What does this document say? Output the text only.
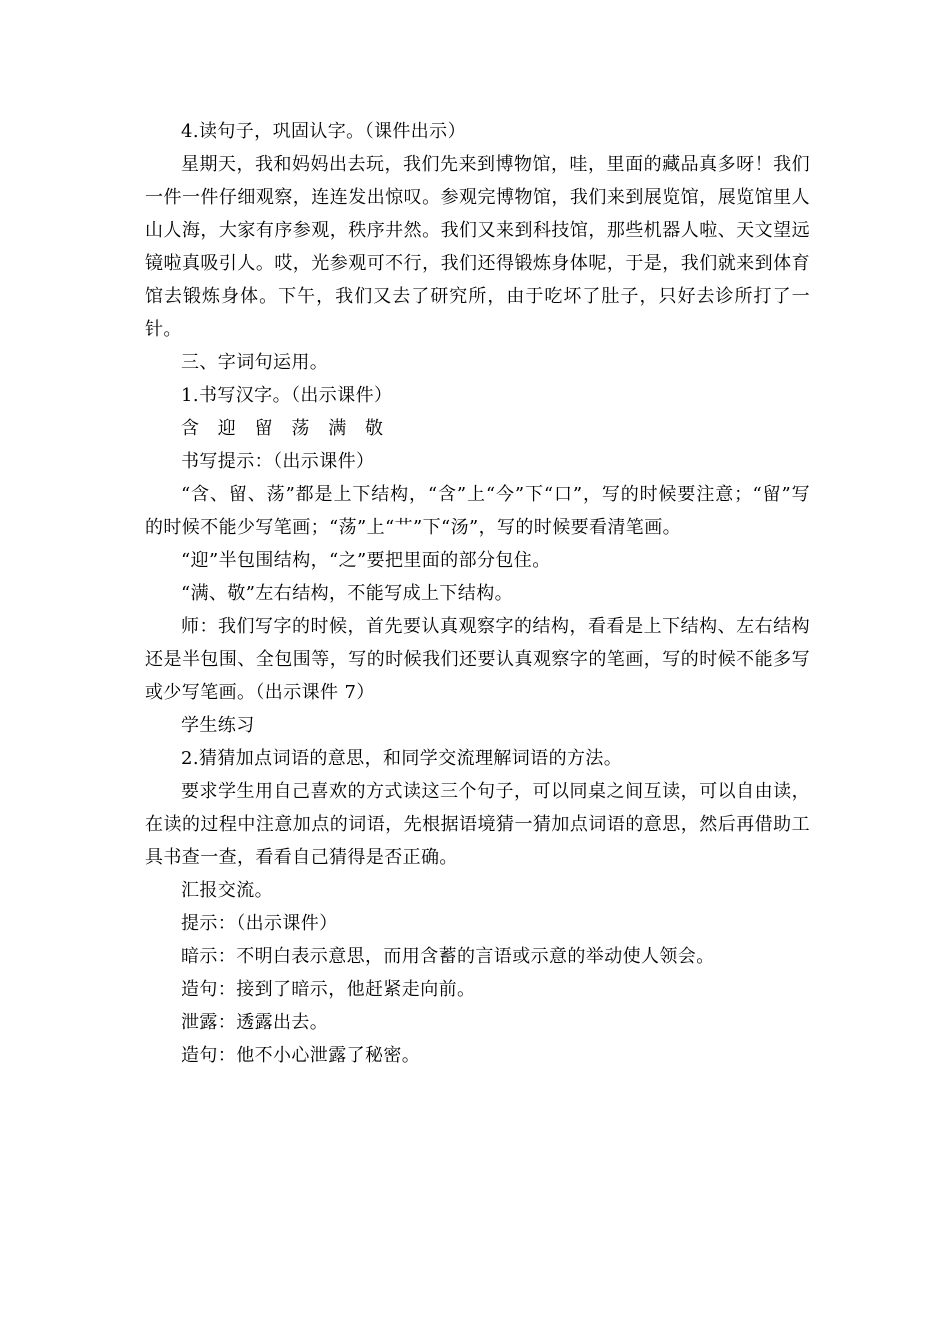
4.读句子，巩固认字。（课件出示）

星期天，我和妈妈出去玩，我们先来到博物馆，哇，里面的藏品真多呀！我们一件一件仔细观察，连连发出惊叹。参观完博物馆，我们来到展览馆，展览馆里人山人海，大家有序参观，秩序井然。我们又来到科技馆，那些机器人啦、天文望远镜啦真吸引人。哎，光参观可不行，我们还得锻炼身体呢，于是，我们就来到体育馆去锻炼身体。下午，我们又去了研究所，由于吃坏了肚子，只好去诊所打了一针。

三、字词句运用。

1.书写汉字。（出示课件）

含　迎　留　荡　满　敬

书写提示：（出示课件）

“含、留、荡”都是上下结构，“含”上“今”下“口”，写的时候要注意；“留”写的时候不能少写笔画；“荡”上“艹”下“汤”，写的时候要看清笔画。

“迎”半包围结构，“之”要把里面的部分包住。

“满、敬”左右结构，不能写成上下结构。

师：我们写字的时候，首先要认真观察字的结构，看看是上下结构、左右结构还是半包围、全包围等，写的时候我们还要认真观察字的笔画，写的时候不能多写或少写笔画。（出示课件 7）

学生练习

2.猜猜加点词语的意思，和同学交流理解词语的方法。

要求学生用自己喜欢的方式读这三个句子，可以同桌之间互读，可以自由读，在读的过程中注意加点的词语，先根据语境猜一猜加点词语的意思，然后再借助工具书查一查，看看自己猜得是否正确。

汇报交流。

提示：（出示课件）

暗示：不明白表示意思，而用含蓄的言语或示意的举动使人领会。

造句：接到了暗示，他赶紧走向前。

泄露：透露出去。

造句：他不小心泄露了秘密。
